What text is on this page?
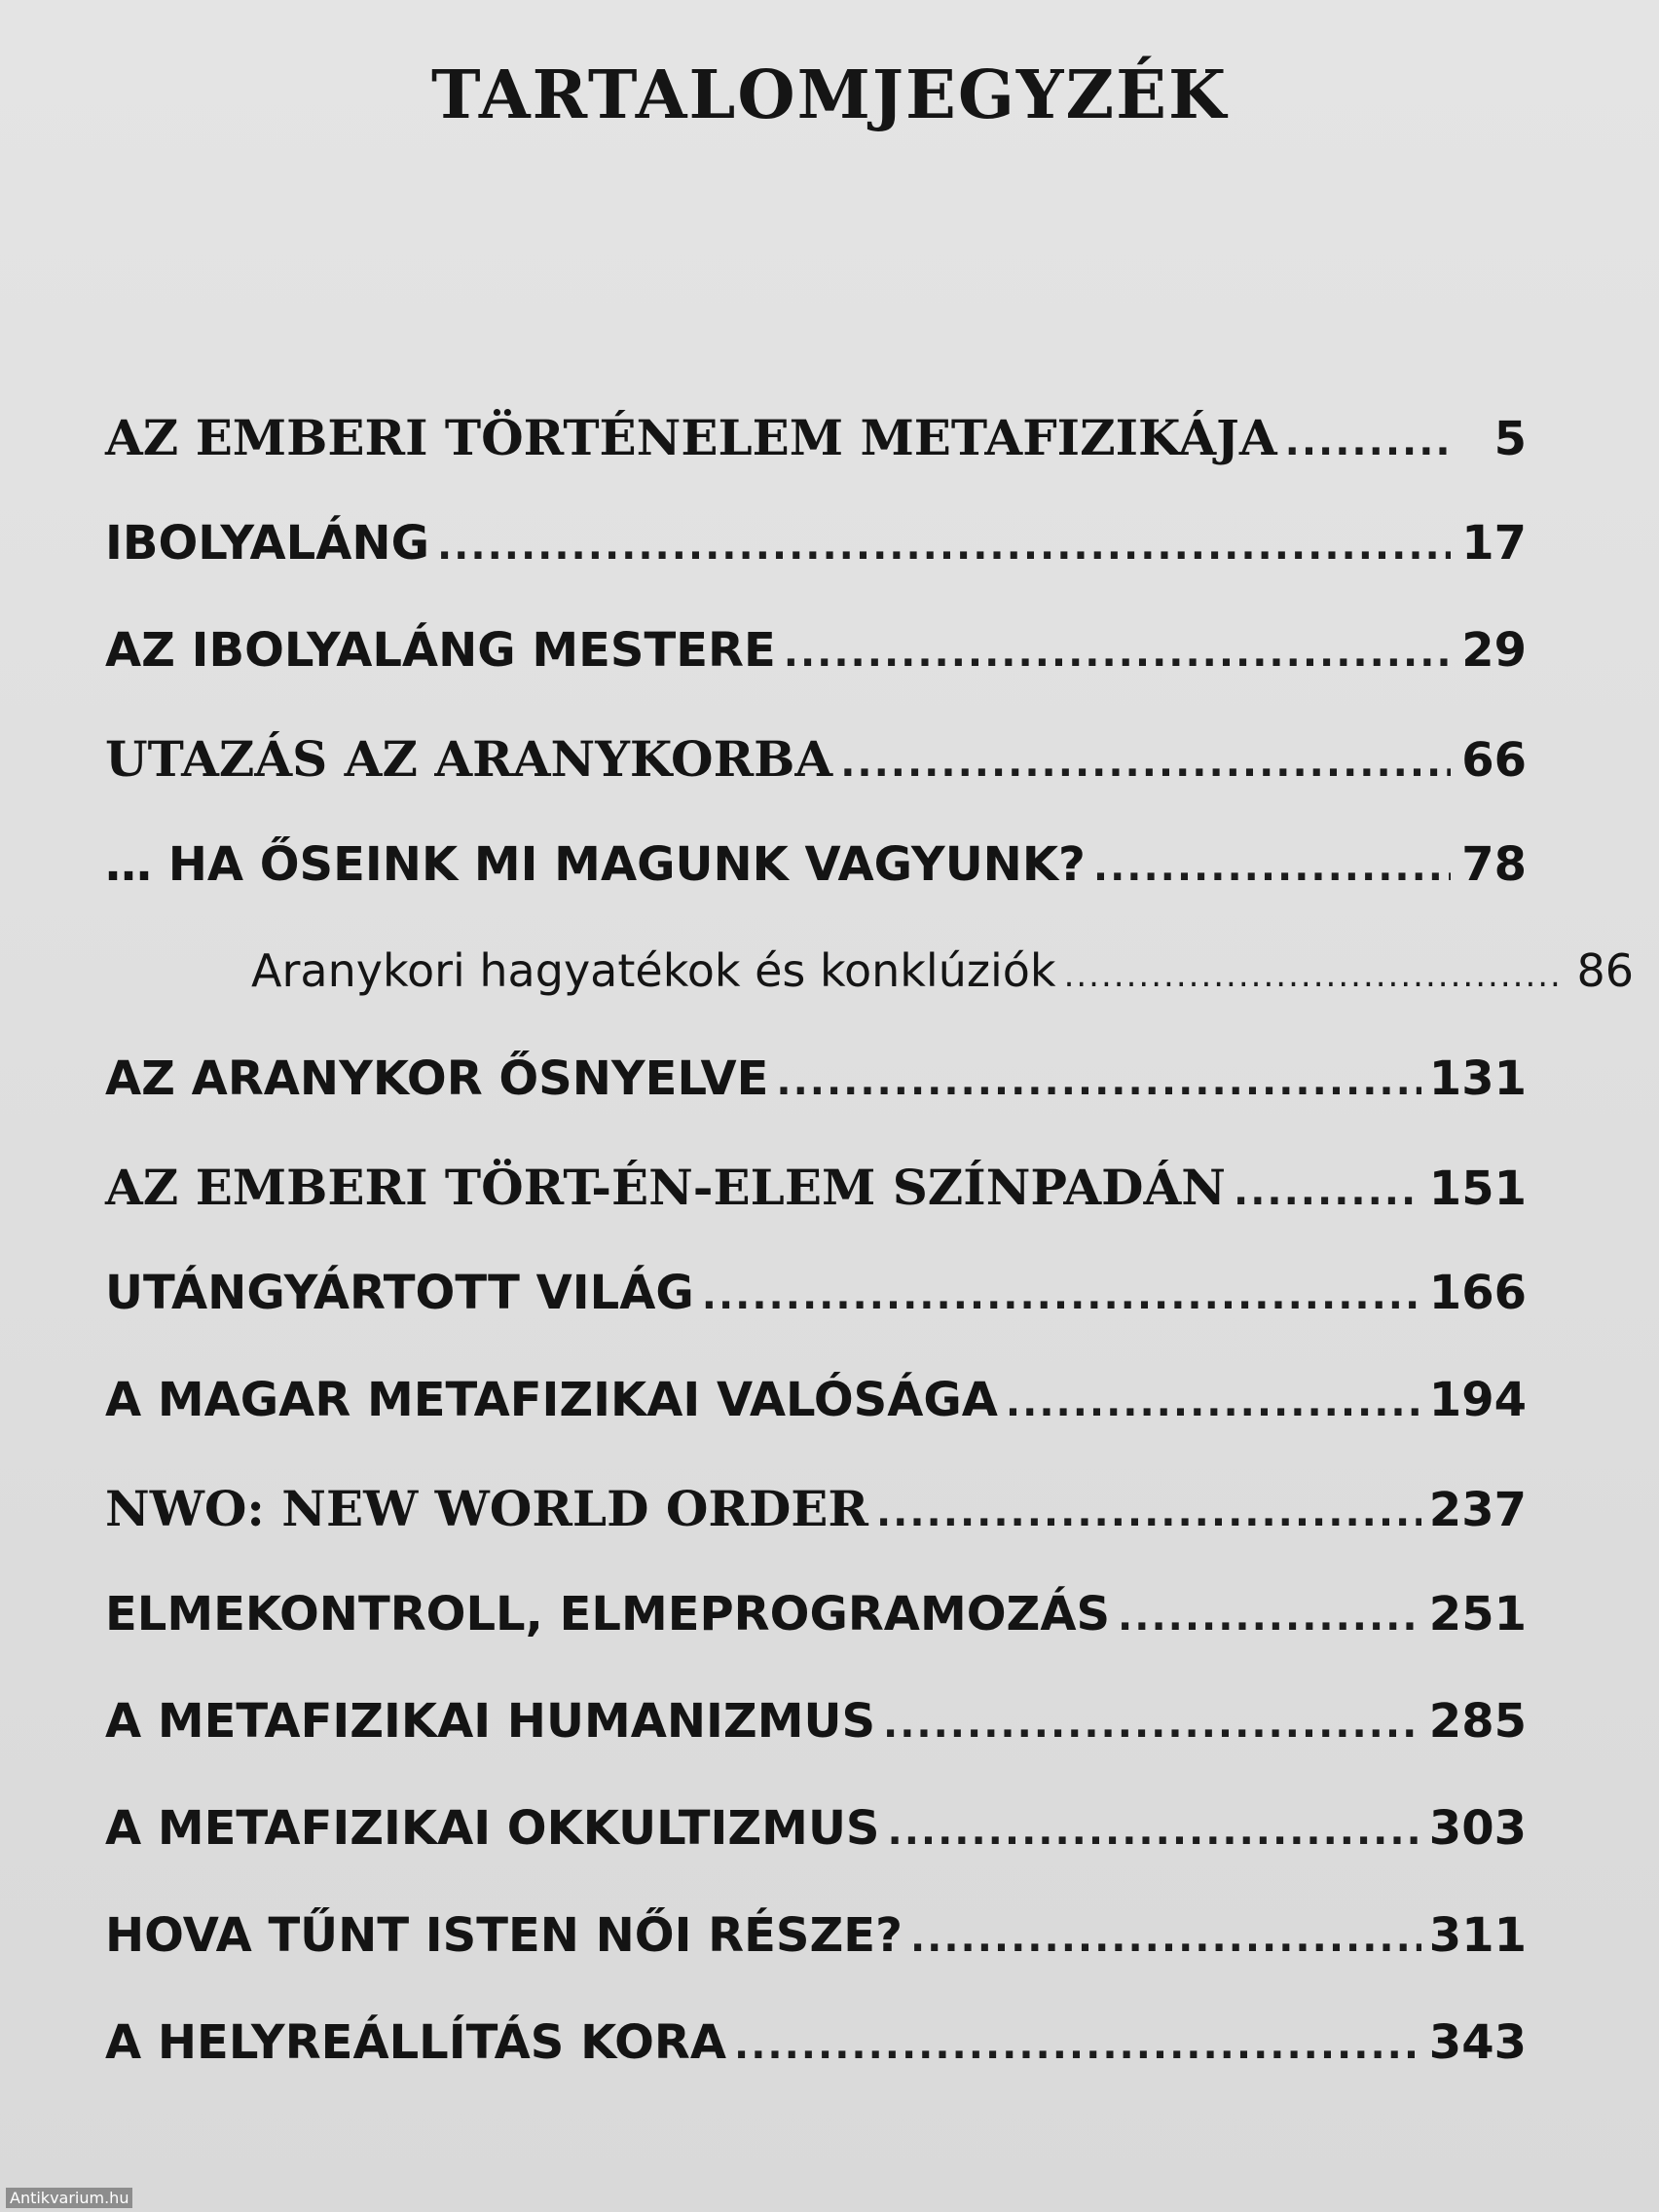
TARTALOMJEGYZÉK
AZ EMBERI TÖRTÉNELEM METAFIZIKÁJA .....	5
IBOLYALÁNG .....	17
AZ IBOLYALÁNG MESTERE .....	29
UTAZÁS AZ ARANYKORBA .....	66
… HA ŐSEINK MI MAGUNK VAGYUNK? .....	78
Aranykori hagyatékok és konklúziók .....	86
AZ ARANYKOR ŐSNYELVE .....	131
AZ EMBERI TÖRT-ÉN-ELEM SZÍNPADÁN .....	151
UTÁNGYÁRTOTT VILÁG .....	166
A MAGAR METAFIZIKAI VALÓSÁGA .....	194
NWO: NEW WORLD ORDER .....	237
ELMEKONTROLL, ELMEPROGRAMOZÁS .....	251
A METAFIZIKAI HUMANIZMUS .....	285
A METAFIZIKAI OKKULTIZMUS .....	303
HOVA TŰNT ISTEN NŐI RÉSZE? .....	311
A HELYREÁLLÍTÁS KORA .....	343
Antikvarium.hu
